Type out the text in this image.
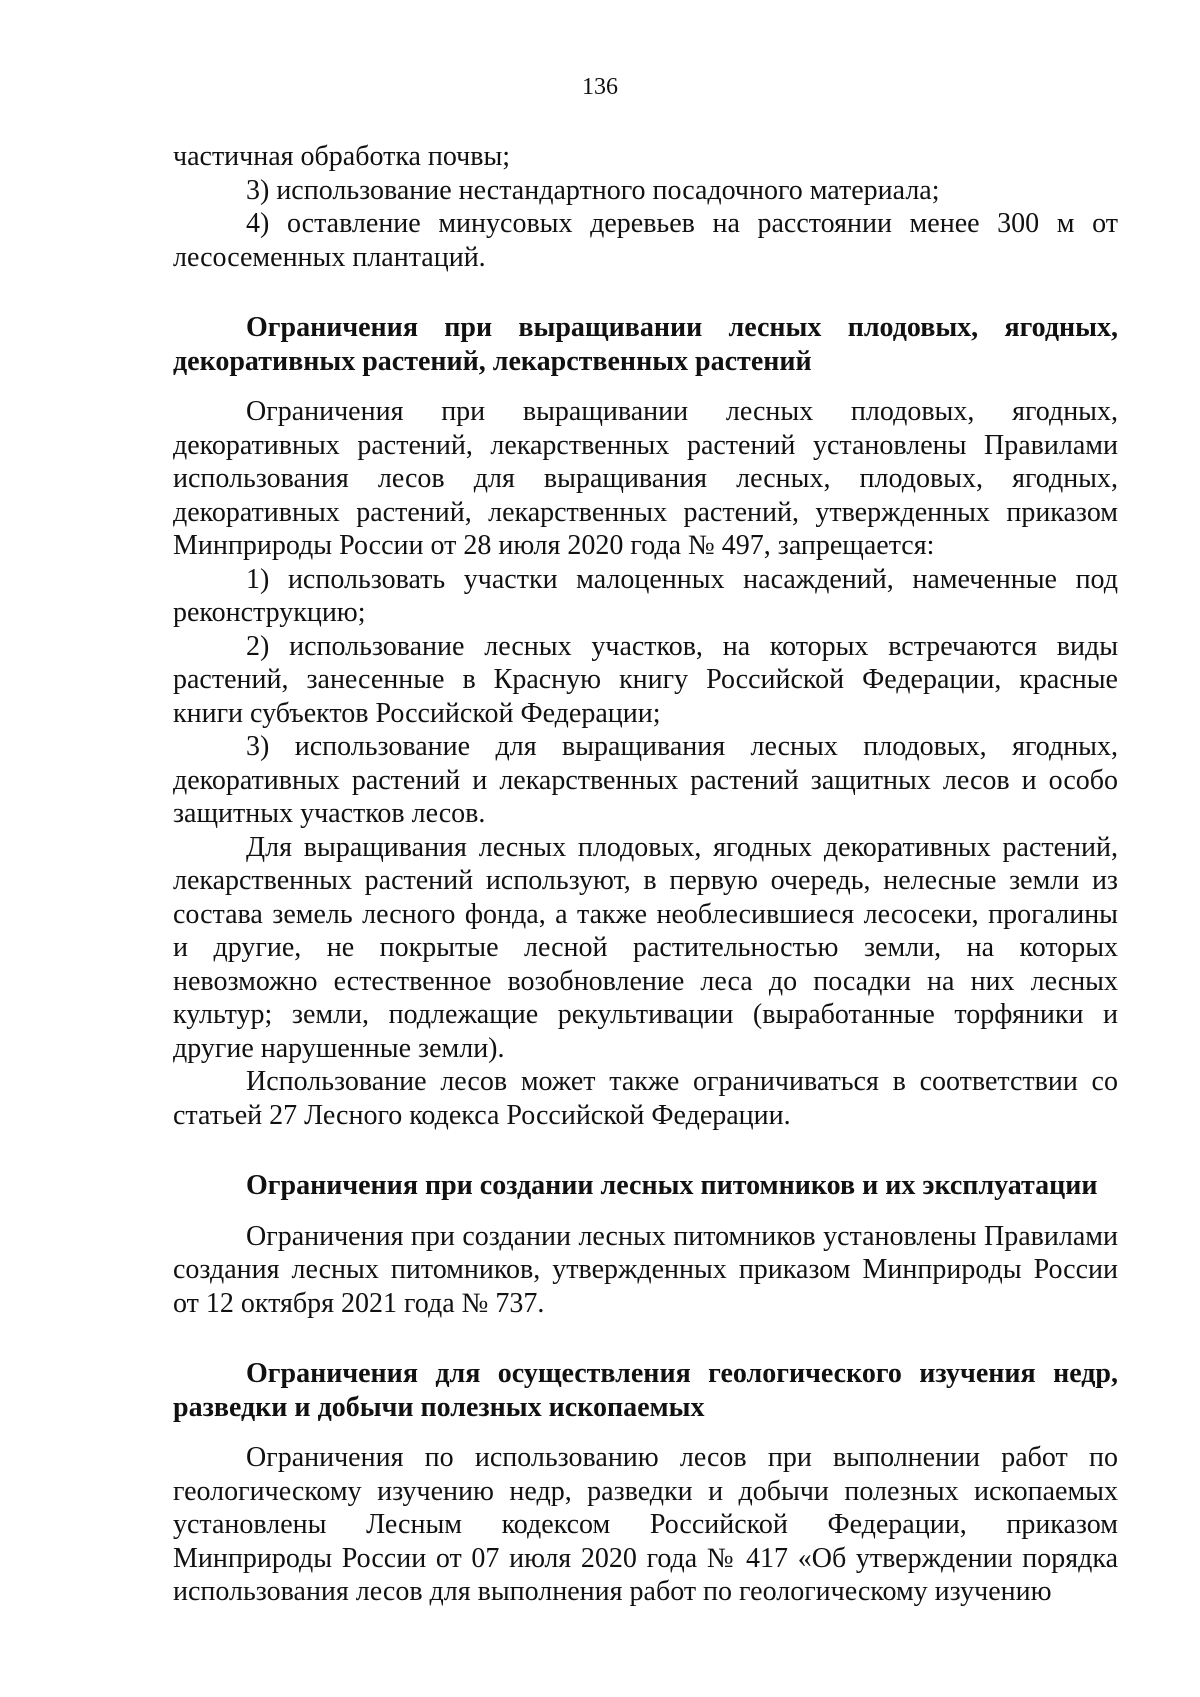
136

частичная обработка почвы;

3) использование нестандартного посадочного материала;

4) оставление минусовых деревьев на расстоянии менее 300 м от лесосеменных плантаций.

Ограничения при выращивании лесных плодовых, ягодных, декоративных растений, лекарственных растений

Ограничения при выращивании лесных плодовых, ягодных, декоративных растений, лекарственных растений установлены Правилами использования лесов для выращивания лесных, плодовых, ягодных, декоративных растений, лекарственных растений, утвержденных приказом Минприроды России от 28 июля 2020 года № 497, запрещается:

1) использовать участки малоценных насаждений, намеченные под реконструкцию;

2) использование лесных участков, на которых встречаются виды растений, занесенные в Красную книгу Российской Федерации, красные книги субъектов Российской Федерации;

3) использование для выращивания лесных плодовых, ягодных, декоративных растений и лекарственных растений защитных лесов и особо защитных участков лесов.

Для выращивания лесных плодовых, ягодных декоративных растений, лекарственных растений используют, в первую очередь, нелесные земли из состава земель лесного фонда, а также необлесившиеся лесосеки, прогалины и другие, не покрытые лесной растительностью земли, на которых невозможно естественное возобновление леса до посадки на них лесных культур; земли, подлежащие рекультивации (выработанные торфяники и другие нарушенные земли).

Использование лесов может также ограничиваться в соответствии со статьей 27 Лесного кодекса Российской Федерации.

Ограничения при создании лесных питомников и их эксплуатации

Ограничения при создании лесных питомников установлены Правилами создания лесных питомников, утвержденных приказом Минприроды России от 12 октября 2021 года № 737.

Ограничения для осуществления геологического изучения недр, разведки и добычи полезных ископаемых

Ограничения по использованию лесов при выполнении работ по геологическому изучению недр, разведки и добычи полезных ископаемых установлены Лесным кодексом Российской Федерации, приказом Минприроды России от 07 июля 2020 года № 417 «Об утверждении порядка использования лесов для выполнения работ по геологическому изучению
